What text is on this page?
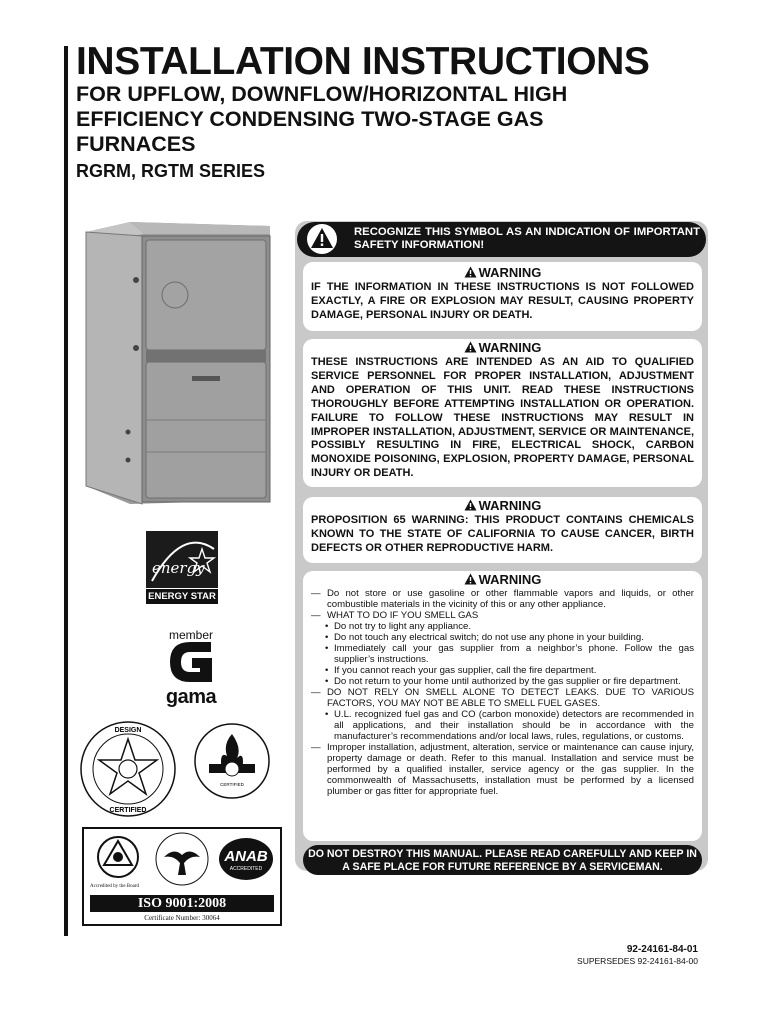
INSTALLATION INSTRUCTIONS
FOR UPFLOW, DOWNFLOW/HORIZONTAL HIGH
EFFICIENCY CONDENSING TWO-STAGE GAS
FURNACES
RGRM, RGTM SERIES
energy
ENERGY STAR
member
gama
DESIGN
CERTIFIED
CERTIFIED
ANAB
ACCREDITED
Accredited by the Board
ISO 9001:2008
Certificate Number: 30064
RECOGNIZE THIS SYMBOL AS AN INDICATION OF IMPORTANT SAFETY INFORMATION!
WARNING
IF THE INFORMATION IN THESE INSTRUCTIONS IS NOT FOLLOWED EXACTLY, A FIRE OR EXPLOSION MAY RESULT, CAUSING PROPERTY DAMAGE, PERSONAL INJURY OR DEATH.
WARNING
THESE INSTRUCTIONS ARE INTENDED AS AN AID TO QUALIFIED SERVICE PERSONNEL FOR PROPER INSTALLATION, ADJUSTMENT AND OPERATION OF THIS UNIT. READ THESE INSTRUCTIONS THOROUGHLY BEFORE ATTEMPTING INSTALLATION OR OPERATION. FAILURE TO FOLLOW THESE INSTRUCTIONS MAY RESULT IN IMPROPER INSTALLATION, ADJUSTMENT, SERVICE OR MAINTENANCE, POSSIBLY RESULTING IN FIRE, ELECTRICAL SHOCK, CARBON MONOXIDE POISONING, EXPLOSION, PROPERTY DAMAGE, PERSONAL INJURY OR DEATH.
WARNING
PROPOSITION 65 WARNING: THIS PRODUCT CONTAINS CHEMICALS KNOWN TO THE STATE OF CALIFORNIA TO CAUSE CANCER, BIRTH DEFECTS OR OTHER REPRODUCTIVE HARM.
WARNING
— Do not store or use gasoline or other flammable vapors and liquids, or other combustible materials in the vicinity of this or any other appliance.
— WHAT TO DO IF YOU SMELL GAS
• Do not try to light any appliance.
• Do not touch any electrical switch; do not use any phone in your building.
• Immediately call your gas supplier from a neighbor’s phone. Follow the gas supplier’s instructions.
• If you cannot reach your gas supplier, call the fire department.
• Do not return to your home until authorized by the gas supplier or fire department.
— DO NOT RELY ON SMELL ALONE TO DETECT LEAKS. DUE TO VARIOUS FACTORS, YOU MAY NOT BE ABLE TO SMELL FUEL GASES.
• U.L. recognized fuel gas and CO (carbon monoxide) detectors are recommended in all applications, and their installation should be in accordance with the manufacturer’s recommendations and/or local laws, rules, regulations, or customs.
— Improper installation, adjustment, alteration, service or maintenance can cause injury, property damage or death. Refer to this manual. Installation and service must be performed by a qualified installer, service agency or the gas supplier. In the commonwealth of Massachusetts, installation must be performed by a licensed plumber or gas fitter for appropriate fuel.
DO NOT DESTROY THIS MANUAL. PLEASE READ CAREFULLY AND KEEP IN A SAFE PLACE FOR FUTURE REFERENCE BY A SERVICEMAN.
92-24161-84-01
SUPERSEDES 92-24161-84-00
